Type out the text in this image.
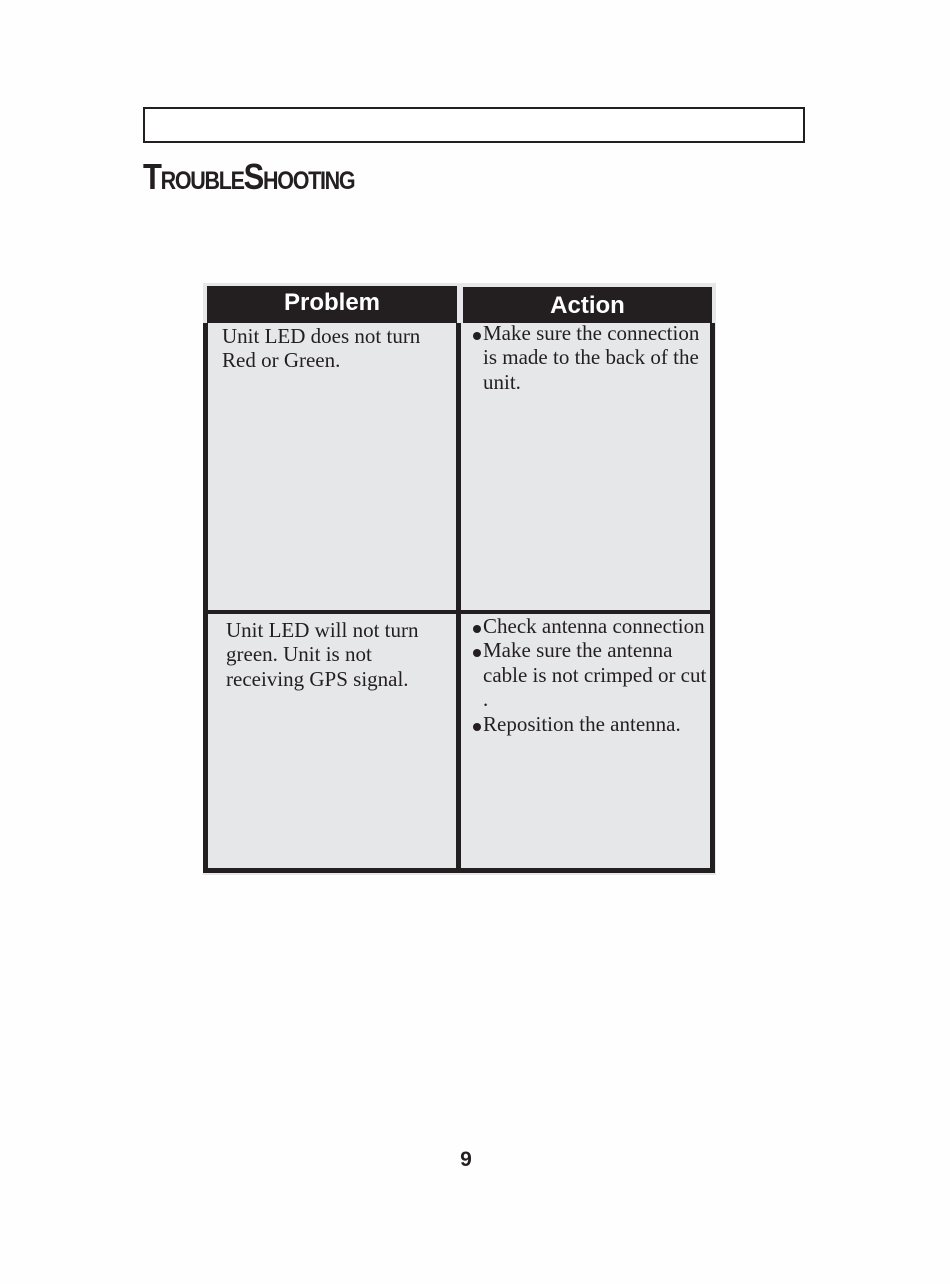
TROUBLESHOOTING
Problem	Action
Unit LED does not turn Red or Green.
Make sure the connection is made to the back of the unit.
Unit LED will not turn green. Unit is not receiving GPS signal.
Check antenna connection
Make sure the antenna cable is not crimped or cut .
Reposition the antenna.
9
